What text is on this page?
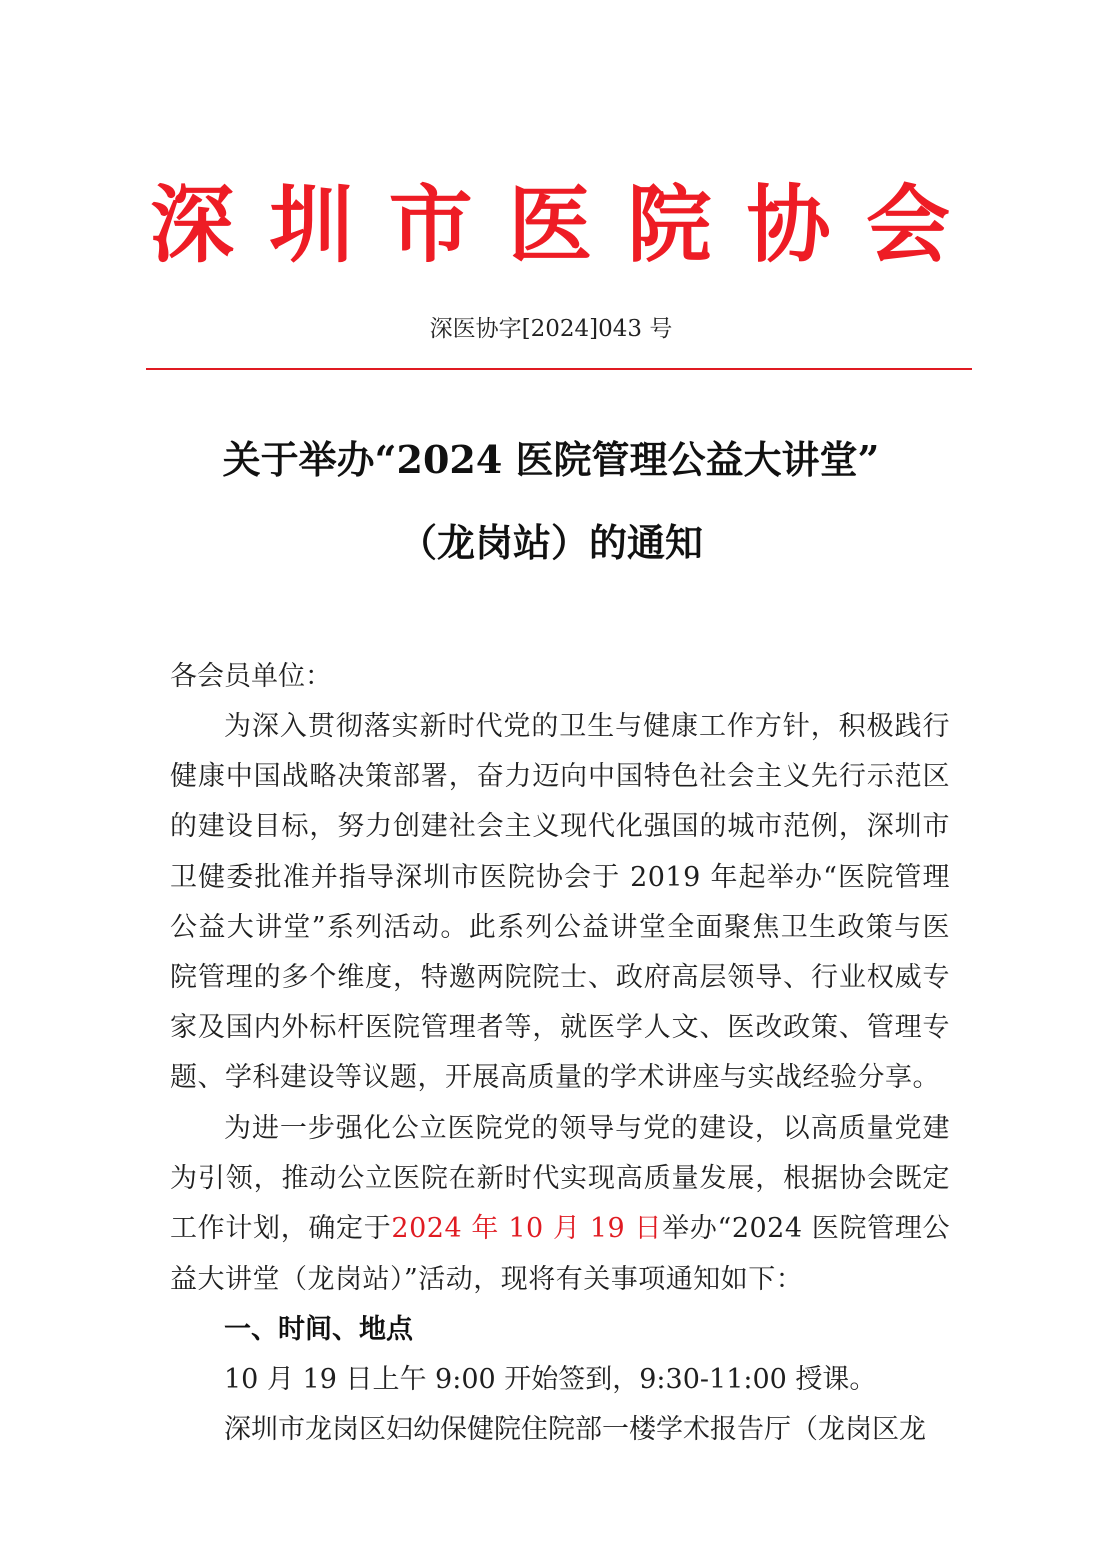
深 圳 市 医 院 协 会
深医协字[2024]043 号
关于举办“2024 医院管理公益大讲堂”
（龙岗站）的通知
各会员单位：

为深入贯彻落实新时代党的卫生与健康工作方针，积极践行健康中国战略决策部署，奋力迈向中国特色社会主义先行示范区的建设目标，努力创建社会主义现代化强国的城市范例，深圳市卫健委批准并指导深圳市医院协会于 2019 年起举办“医院管理公益大讲堂”系列活动。此系列公益讲堂全面聚焦卫生政策与医院管理的多个维度，特邀两院院士、政府高层领导、行业权威专家及国内外标杆医院管理者等，就医学人文、医改政策、管理专题、学科建设等议题，开展高质量的学术讲座与实战经验分享。

为进一步强化公立医院党的领导与党的建设，以高质量党建为引领，推动公立医院在新时代实现高质量发展，根据协会既定工作计划，确定于2024 年 10 月 19 日举办“2024 医院管理公益大讲堂（龙岗站）”活动，现将有关事项通知如下：

一、时间、地点
10 月 19 日上午 9:00 开始签到，9:30-11:00 授课。
深圳市龙岗区妇幼保健院住院部一楼学术报告厅（龙岗区龙
